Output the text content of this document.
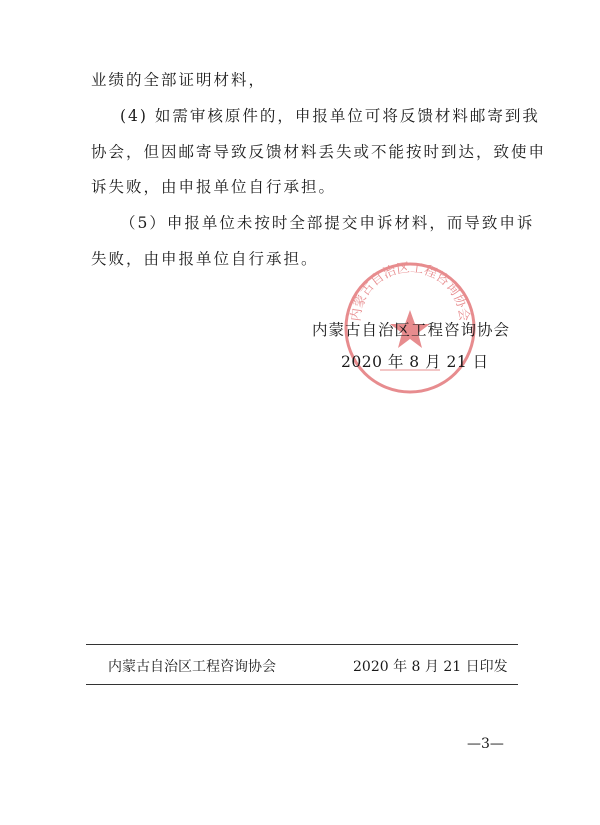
业绩的全部证明材料，
(4) 如需审核原件的，申报单位可将反馈材料邮寄到我
协会，但因邮寄导致反馈材料丢失或不能按时到达，致使申
诉失败，由申报单位自行承担。
（5）申报单位未按时全部提交申诉材料，而导致申诉
失败，由申报单位自行承担。
内蒙古自治区工程咨询协会
内蒙古自治区工程咨询协会
2020 年 8 月 21 日
内蒙古自治区工程咨询协会	2020 年 8 月 21 日印发
—3—
